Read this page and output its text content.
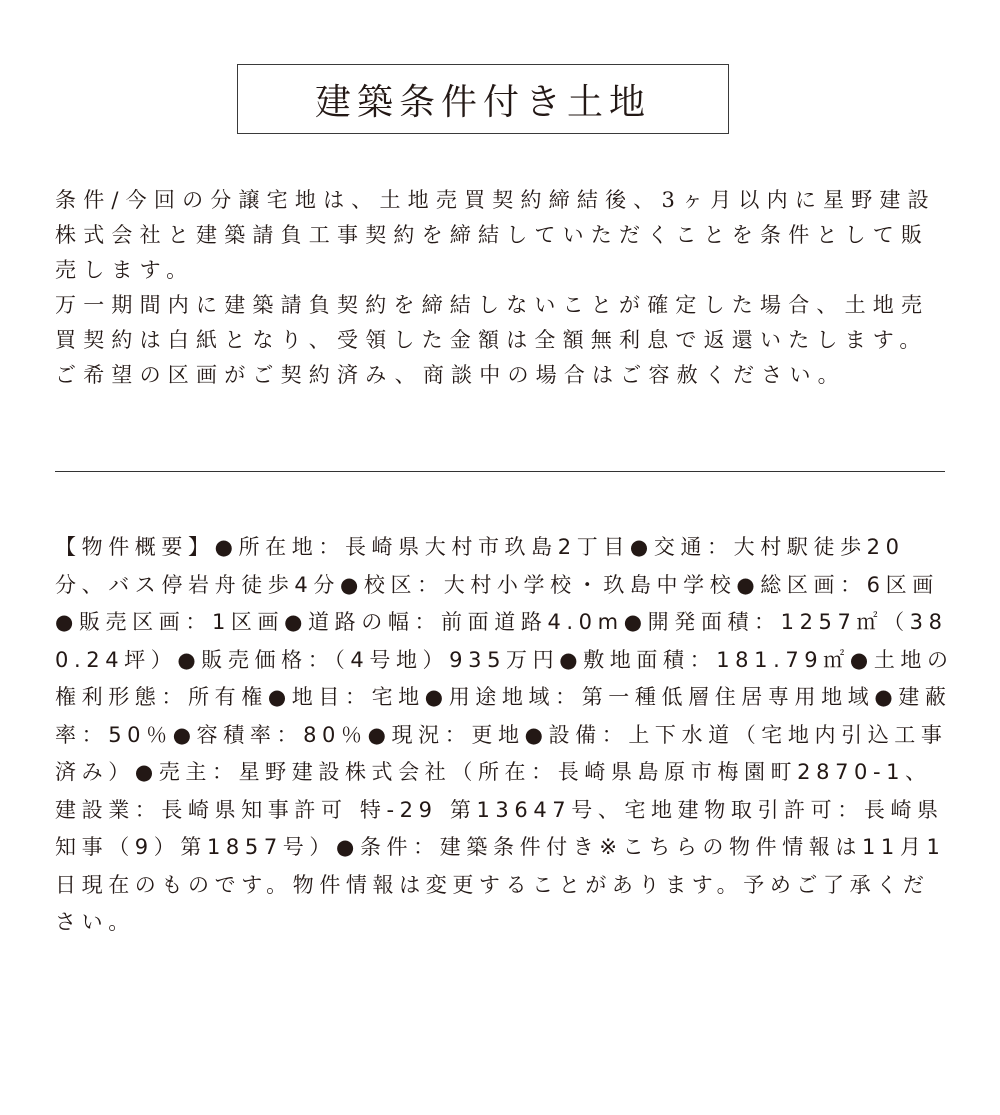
建築条件付き土地

条件/今回の分譲宅地は、土地売買契約締結後、3ヶ月以内に星野建設株式会社と建築請負工事契約を締結していただくことを条件として販売します。

万一期間内に建築請負契約を締結しないことが確定した場合、土地売買契約は白紙となり、受領した金額は全額無利息で返還いたします。

ご希望の区画がご契約済み、商談中の場合はご容赦ください。

【物件概要】●所在地：長崎県大村市玖島2丁目●交通：大村駅徒歩20分、バス停岩舟徒歩4分●校区：大村小学校・玖島中学校●総区画：6区画●販売区画：1区画●道路の幅：前面道路4.0m●開発面積：1257㎡（380.24坪）●販売価格：（4号地）935万円●敷地面積：181.79㎡●土地の権利形態：所有権●地目：宅地●用途地域：第一種低層住居専用地域●建蔽率：50％●容積率：80％●現況：更地●設備：上下水道（宅地内引込工事済み）●売主：星野建設株式会社（所在：長崎県島原市梅園町2870-1、建設業：長崎県知事許可 特-29 第13647号、宅地建物取引許可：長崎県知事（9）第1857号）●条件：建築条件付き※こちらの物件情報は11月1日現在のものです。物件情報は変更することがあります。予めご了承ください。
